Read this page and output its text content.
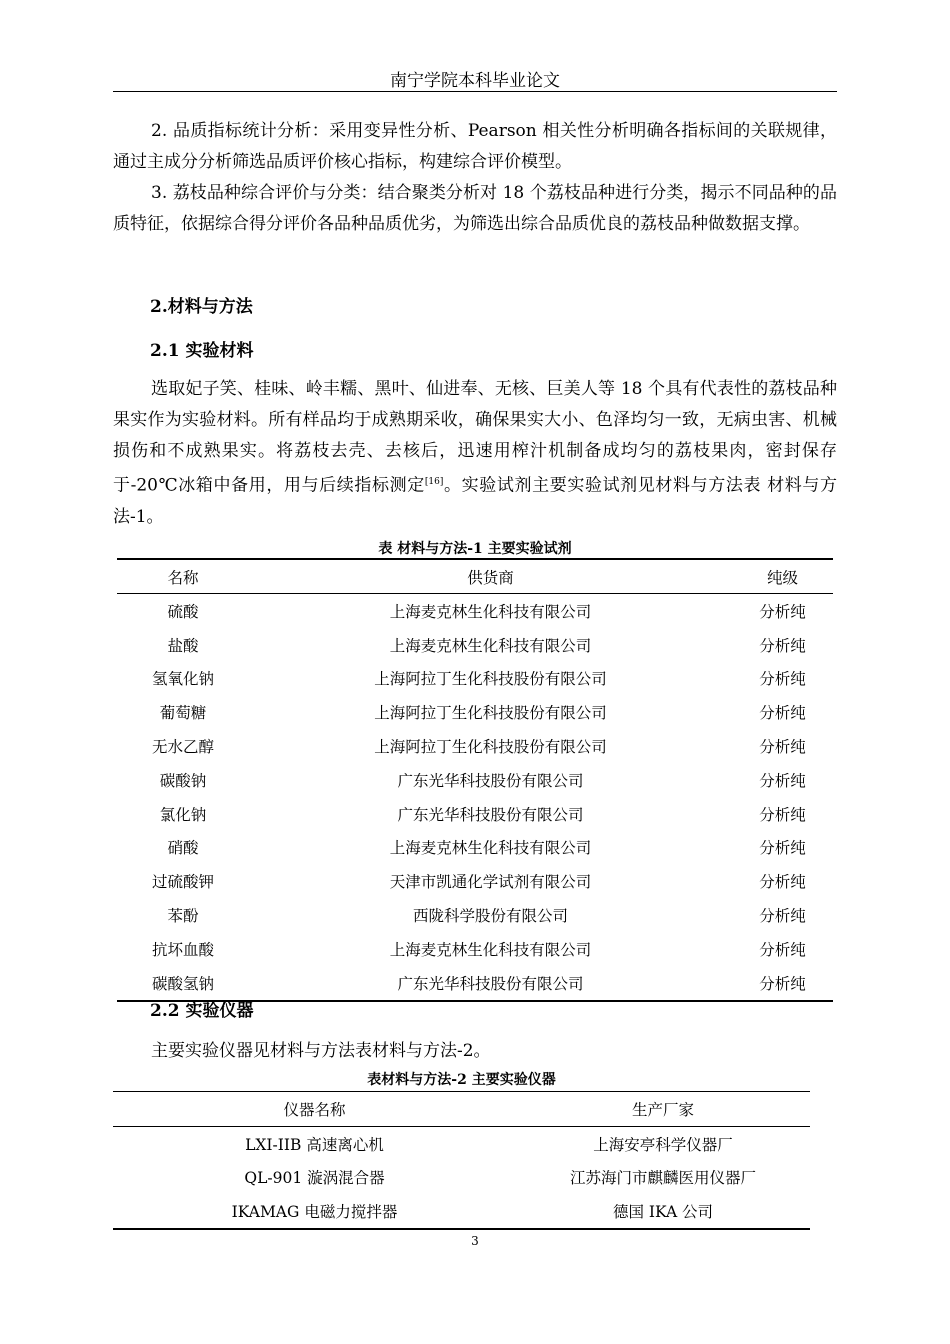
南宁学院本科毕业论文
2. 品质指标统计分析：采用变异性分析、Pearson 相关性分析明确各指标间的关联规律，通过主成分分析筛选品质评价核心指标，构建综合评价模型。
3. 荔枝品种综合评价与分类：结合聚类分析对 18 个荔枝品种进行分类，揭示不同品种的品质特征，依据综合得分评价各品种品质优劣，为筛选出综合品质优良的荔枝品种做数据支撑。
2.材料与方法
2.1 实验材料
选取妃子笑、桂味、岭丰糯、黑叶、仙进奉、无核、巨美人等 18 个具有代表性的荔枝品种果实作为实验材料。所有样品均于成熟期采收，确保果实大小、色泽均匀一致，无病虫害、机械损伤和不成熟果实。将荔枝去壳、去核后，迅速用榨汁机制备成均匀的荔枝果肉，密封保存于-20℃冰箱中备用，用与后续指标测定[16]。实验试剂主要实验试剂见材料与方法表 材料与方法-1。
表 材料与方法-1 主要实验试剂
名称	供货商	纯级
硫酸	上海麦克林生化科技有限公司	分析纯
盐酸	上海麦克林生化科技有限公司	分析纯
氢氧化钠	上海阿拉丁生化科技股份有限公司	分析纯
葡萄糖	上海阿拉丁生化科技股份有限公司	分析纯
无水乙醇	上海阿拉丁生化科技股份有限公司	分析纯
碳酸钠	广东光华科技股份有限公司	分析纯
氯化钠	广东光华科技股份有限公司	分析纯
硝酸	上海麦克林生化科技有限公司	分析纯
过硫酸钾	天津市凯通化学试剂有限公司	分析纯
苯酚	西陇科学股份有限公司	分析纯
抗坏血酸	上海麦克林生化科技有限公司	分析纯
碳酸氢钠	广东光华科技股份有限公司	分析纯
2.2 实验仪器
主要实验仪器见材料与方法表材料与方法-2。
表材料与方法-2 主要实验仪器
仪器名称	生产厂家
LXI-IIB 高速离心机	上海安亭科学仪器厂
QL-901 漩涡混合器	江苏海门市麒麟医用仪器厂
IKAMAG 电磁力搅拌器	德国 IKA 公司
3
